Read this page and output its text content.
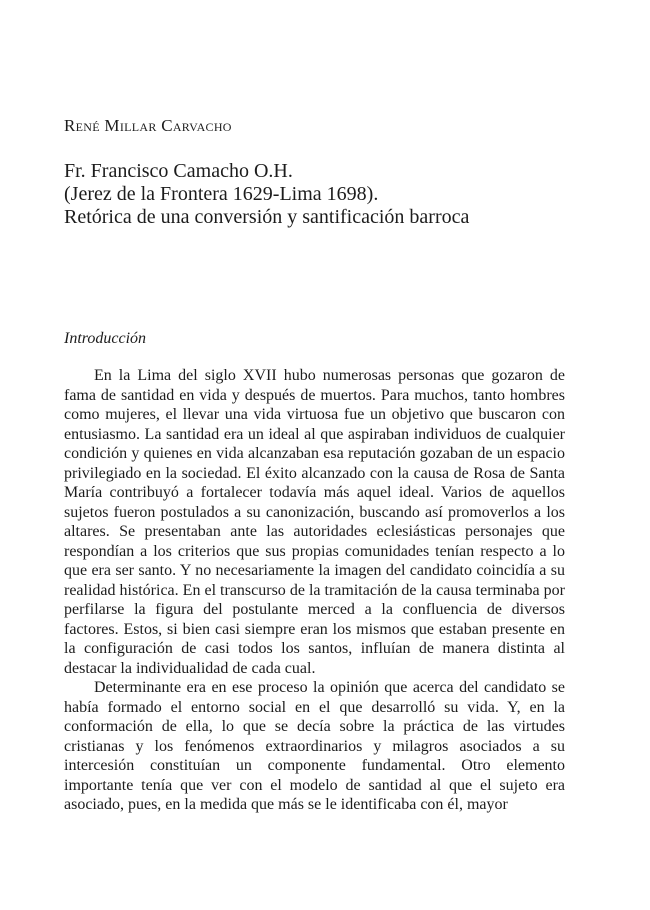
René Millar Carvacho
Fr. Francisco Camacho O.H.
(Jerez de la Frontera 1629-Lima 1698).
Retórica de una conversión y santificación barroca
Introducción

En la Lima del siglo XVII hubo numerosas personas que gozaron de fama de santidad en vida y después de muertos. Para muchos, tanto hombres como mujeres, el llevar una vida virtuosa fue un objetivo que buscaron con entusiasmo. La santidad era un ideal al que aspiraban individuos de cualquier condición y quienes en vida alcanzaban esa reputación gozaban de un espacio privilegiado en la sociedad. El éxito alcanzado con la causa de Rosa de Santa María contribuyó a fortalecer todavía más aquel ideal. Varios de aquellos sujetos fueron postulados a su canonización, buscando así promoverlos a los altares. Se presentaban ante las autoridades eclesiásticas personajes que respondían a los criterios que sus propias comunidades tenían respecto a lo que era ser santo. Y no necesariamente la imagen del candidato coincidía a su realidad histórica. En el transcurso de la tramitación de la causa terminaba por perfilarse la figura del postulante merced a la confluencia de diversos factores. Estos, si bien casi siempre eran los mismos que estaban presente en la configuración de casi todos los santos, influían de manera distinta al destacar la individualidad de cada cual.

Determinante era en ese proceso la opinión que acerca del candidato se había formado el entorno social en el que desarrolló su vida. Y, en la conformación de ella, lo que se decía sobre la práctica de las virtudes cristianas y los fenómenos extraordinarios y milagros asociados a su intercesión constituían un componente fundamental. Otro elemento importante tenía que ver con el modelo de santidad al que el sujeto era asociado, pues, en la medida que más se le identificaba con él, mayor
